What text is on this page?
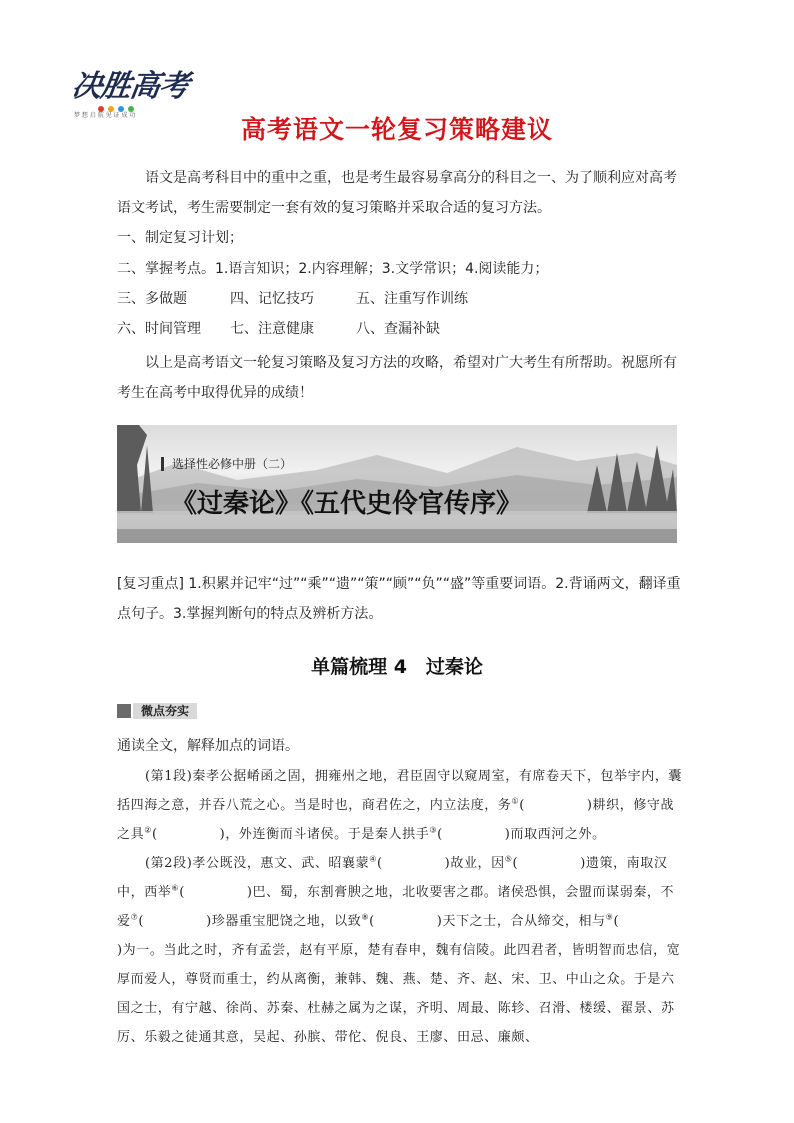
决胜高考
梦 想 启 航 见 证 成 功	高考语文一轮复习策略建议

语文是高考科目中的重中之重，也是考生最容易拿高分的科目之一、为了顺利应对高考语文考试，考生需要制定一套有效的复习策略并采取合适的复习方法。

一、制定复习计划；
二、掌握考点。1.语言知识；2.内容理解；3.文学常识；4.阅读能力；
三、多做题	四、记忆技巧	五、注重写作训练
六、时间管理 七、注意健康	八、查漏补缺

以上是高考语文一轮复习策略及复习方法的攻略，希望对广大考生有所帮助。祝愿所有考生在高考中取得优异的成绩！

选择性必修中册（二）
《过秦论》《五代史伶官传序》

[复习重点] 1.积累并记牢“过”“乘”“遗”“策”“顾”“负”“盛”等重要词语。2.背诵两文，翻译重点句子。3.掌握判断句的特点及辨析方法。

单篇梳理 4　过秦论
微点夯实

通读全文，解释加点的词语。

(第1段)秦孝公据崤函之固，拥雍州之地，君臣固守以窥周室，有席卷天下，包举宇内，囊括四海之意，并吞八荒之心。当是时也，商君佐之，内立法度，务①(	)耕织，修守战之具②(	)，外连衡而斗诸侯。于是秦人拱手③(	)而取西河之外。

(第2段)孝公既没，惠文、武、昭襄蒙④(	)故业，因⑤(	)遗策，南取汉中，西举⑥(	)巴、蜀，东割膏腴之地，北收要害之郡。诸侯恐惧，会盟而谋弱秦，不爱⑦(	)珍器重宝肥饶之地，以致⑧(	)天下之士，合从缔交，相与⑨()为一。当此之时，齐有孟尝，赵有平原，楚有春申，魏有信陵。此四君者，皆明智而忠信，宽厚而爱人，尊贤而重士，约从离衡，兼韩、魏、燕、楚、齐、赵、宋、卫、中山之众。于是六国之士，有宁越、徐尚、苏秦、杜赫之属为之谋，齐明、周最、陈轸、召滑、楼缓、翟景、苏厉、乐毅之徒通其意，吴起、孙膑、带佗、倪良、王廖、田忌、廉颇、
